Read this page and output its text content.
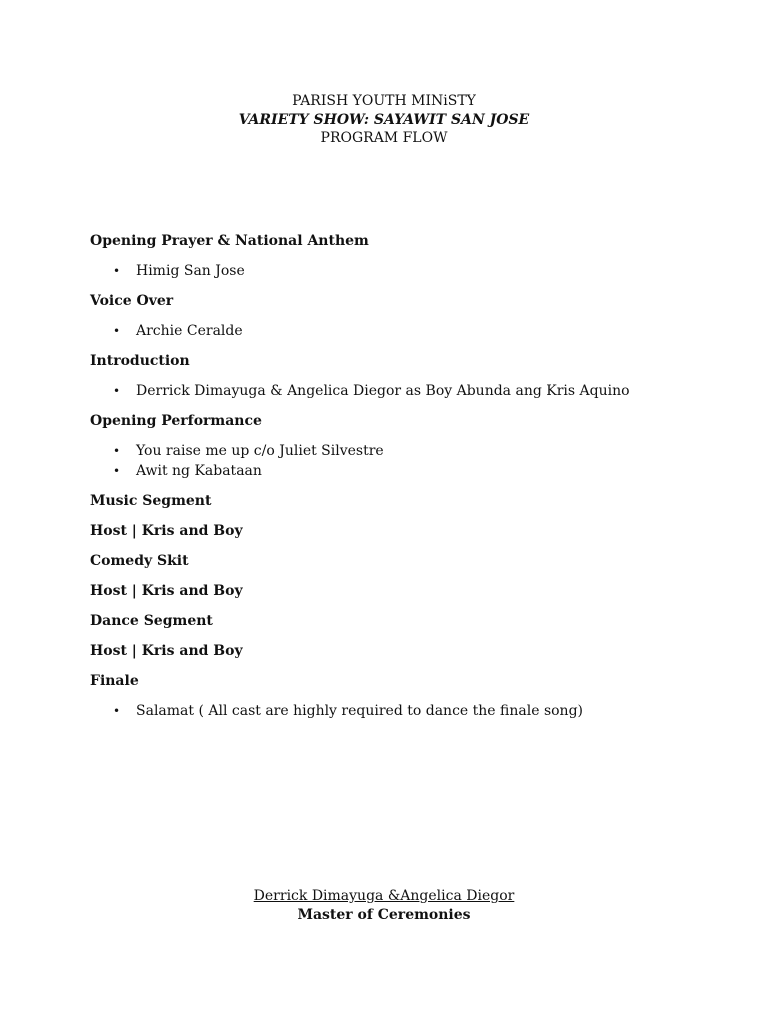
PARISH YOUTH MINiSTY
VARIETY SHOW: SAYAWIT SAN JOSE
PROGRAM FLOW
Opening Prayer & National Anthem
• Himig San Jose
Voice Over
• Archie Ceralde
Introduction
• Derrick Dimayuga & Angelica Diegor as Boy Abunda ang Kris Aquino
Opening Performance
• You raise me up c/o Juliet Silvestre
• Awit ng Kabataan
Music Segment
Host | Kris and Boy
Comedy Skit
Host | Kris and Boy
Dance Segment
Host | Kris and Boy
Finale
• Salamat ( All cast are highly required to dance the finale song)
Derrick Dimayuga &Angelica Diegor
Master of Ceremonies
